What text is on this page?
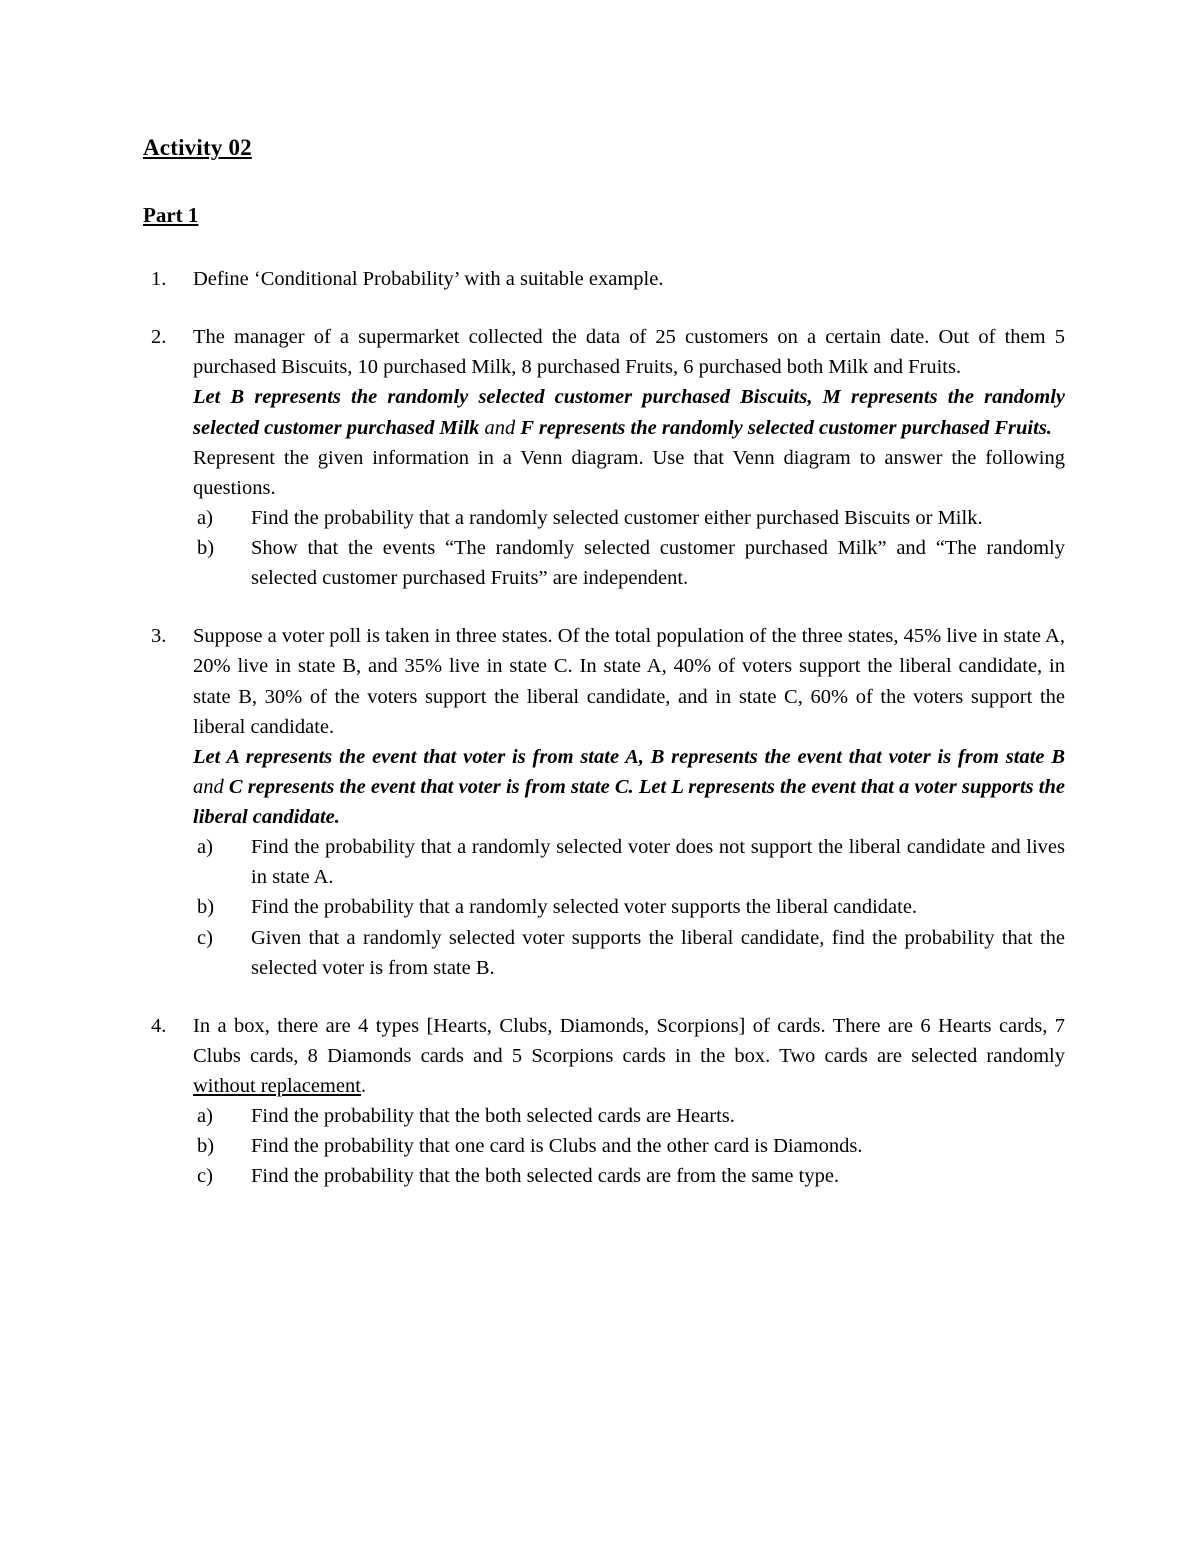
Activity 02
Part 1
1.	Define ‘Conditional Probability’ with a suitable example.

2.	The manager of a supermarket collected the data of 25 customers on a certain date. Out of them 5 purchased Biscuits, 10 purchased Milk, 8 purchased Fruits, 6 purchased both Milk and Fruits.

Let B represents the randomly selected customer purchased Biscuits, M represents the randomly selected customer purchased Milk and F represents the randomly selected customer purchased Fruits.

Represent the given information in a Venn diagram. Use that Venn diagram to answer the following questions.

a)	Find the probability that a randomly selected customer either purchased Biscuits or Milk.
b)	Show that the events “The randomly selected customer purchased Milk” and “The randomly selected customer purchased Fruits” are independent.
3.	Suppose a voter poll is taken in three states. Of the total population of the three states, 45% live in state A, 20% live in state B, and 35% live in state C. In state A, 40% of voters support the liberal candidate, in state B, 30% of the voters support the liberal candidate, and in state C, 60% of the voters support the liberal candidate.

Let A represents the event that voter is from state A, B represents the event that voter is from state B and C represents the event that voter is from state C. Let L represents the event that a voter supports the liberal candidate.

a)	Find the probability that a randomly selected voter does not support the liberal candidate and lives in state A.
b)	Find the probability that a randomly selected voter supports the liberal candidate.
c)	Given that a randomly selected voter supports the liberal candidate, find the probability that the selected voter is from state B.
4.	In a box, there are 4 types [Hearts, Clubs, Diamonds, Scorpions] of cards. There are 6 Hearts cards, 7 Clubs cards, 8 Diamonds cards and 5 Scorpions cards in the box. Two cards are selected randomly without replacement.

a)	Find the probability that the both selected cards are Hearts.
b)	Find the probability that one card is Clubs and the other card is Diamonds.
c)	Find the probability that the both selected cards are from the same type.
